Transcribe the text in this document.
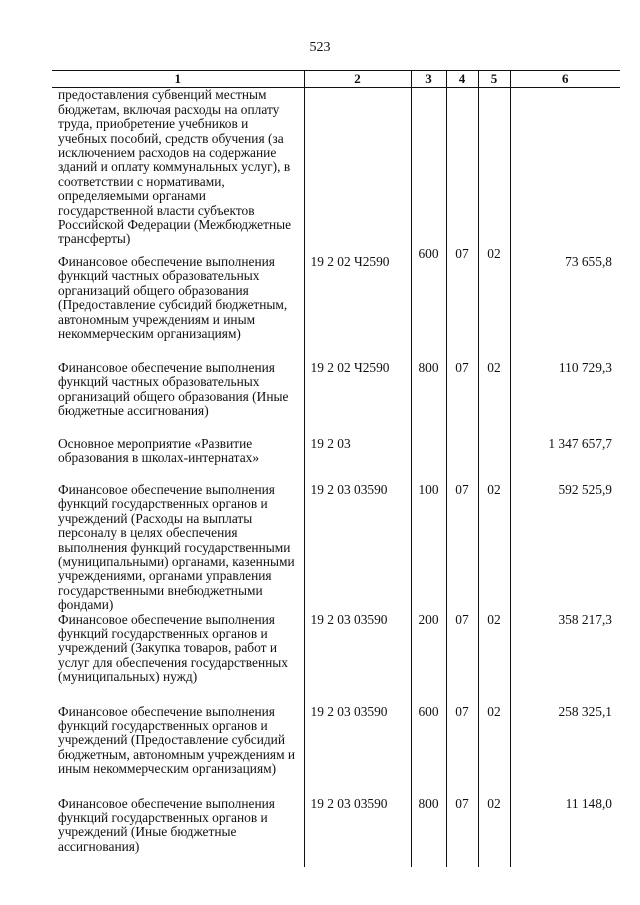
523
1	2	3	4	5	6
предоставления субвенций местным бюджетам, включая расходы на оплату труда, приобретение учебников и учебных пособий, средств обучения (за исключением расходов на содержание зданий и оплату коммунальных услуг), в соответствии с нормативами, определяемыми органами государственной власти субъектов Российской Федерации (Межбюджетные трансферты)					
Финансовое обеспечение выполнения функций частных образовательных организаций общего образования (Предоставление субсидий бюджетным, автономным учреждениям и иным некоммерческим организациям)	19 2 02 Ч2590	600	07	02	73 655,8
Финансовое обеспечение выполнения функций частных образовательных организаций общего образования (Иные бюджетные ассигнования)	19 2 02 Ч2590	800	07	02	110 729,3
Основное мероприятие «Развитие образования в школах-интернатах»	19 2 03				1 347 657,7
Финансовое обеспечение выполнения функций государственных органов и учреждений (Расходы на выплаты персоналу в целях обеспечения выполнения функций государственными (муниципальными) органами, казенными учреждениями, органами управления государственными внебюджетными фондами)	19 2 03 03590	100	07	02	592 525,9
Финансовое обеспечение выполнения функций государственных органов и учреждений (Закупка товаров, работ и услуг для обеспечения государственных (муниципальных) нужд)	19 2 03 03590	200	07	02	358 217,3
Финансовое обеспечение выполнения функций государственных органов и учреждений (Предоставление субсидий бюджетным, автономным учреждениям и иным некоммерческим организациям)	19 2 03 03590	600	07	02	258 325,1
Финансовое обеспечение выполнения функций государственных органов и учреждений (Иные бюджетные ассигнования)	19 2 03 03590	800	07	02	11 148,0
